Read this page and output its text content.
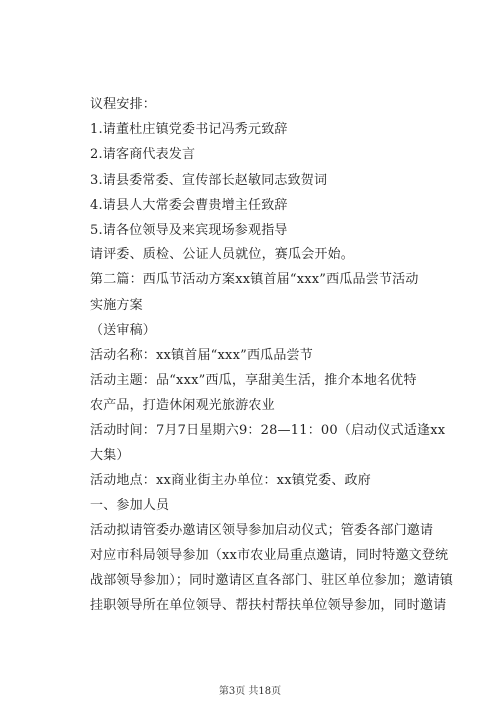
议程安排：
1.请董杜庄镇党委书记冯秀元致辞
2.请客商代表发言
3.请县委常委、宣传部长赵敏同志致贺词
4.请县人大常委会曹贵增主任致辞
5.请各位领导及来宾现场参观指导
请评委、质检、公证人员就位，赛瓜会开始。
第二篇：西瓜节活动方案xx镇首届“xxx”西瓜品尝节活动
实施方案
（送审稿）
活动名称：xx镇首届“xxx”西瓜品尝节
活动主题：品“xxx”西瓜，享甜美生活，推介本地名优特
农产品，打造休闲观光旅游农业
活动时间：7月7日星期六9：28—11：00（启动仪式适逢xx
大集）
活动地点：xx商业街主办单位：xx镇党委、政府
一、参加人员
活动拟请管委办邀请区领导参加启动仪式；管委各部门邀请
对应市科局领导参加（xx市农业局重点邀请，同时特邀文登统
战部领导参加）；同时邀请区直各部门、驻区单位参加；邀请镇
挂职领导所在单位领导、帮扶村帮扶单位领导参加，同时邀请
第3页 共18页
